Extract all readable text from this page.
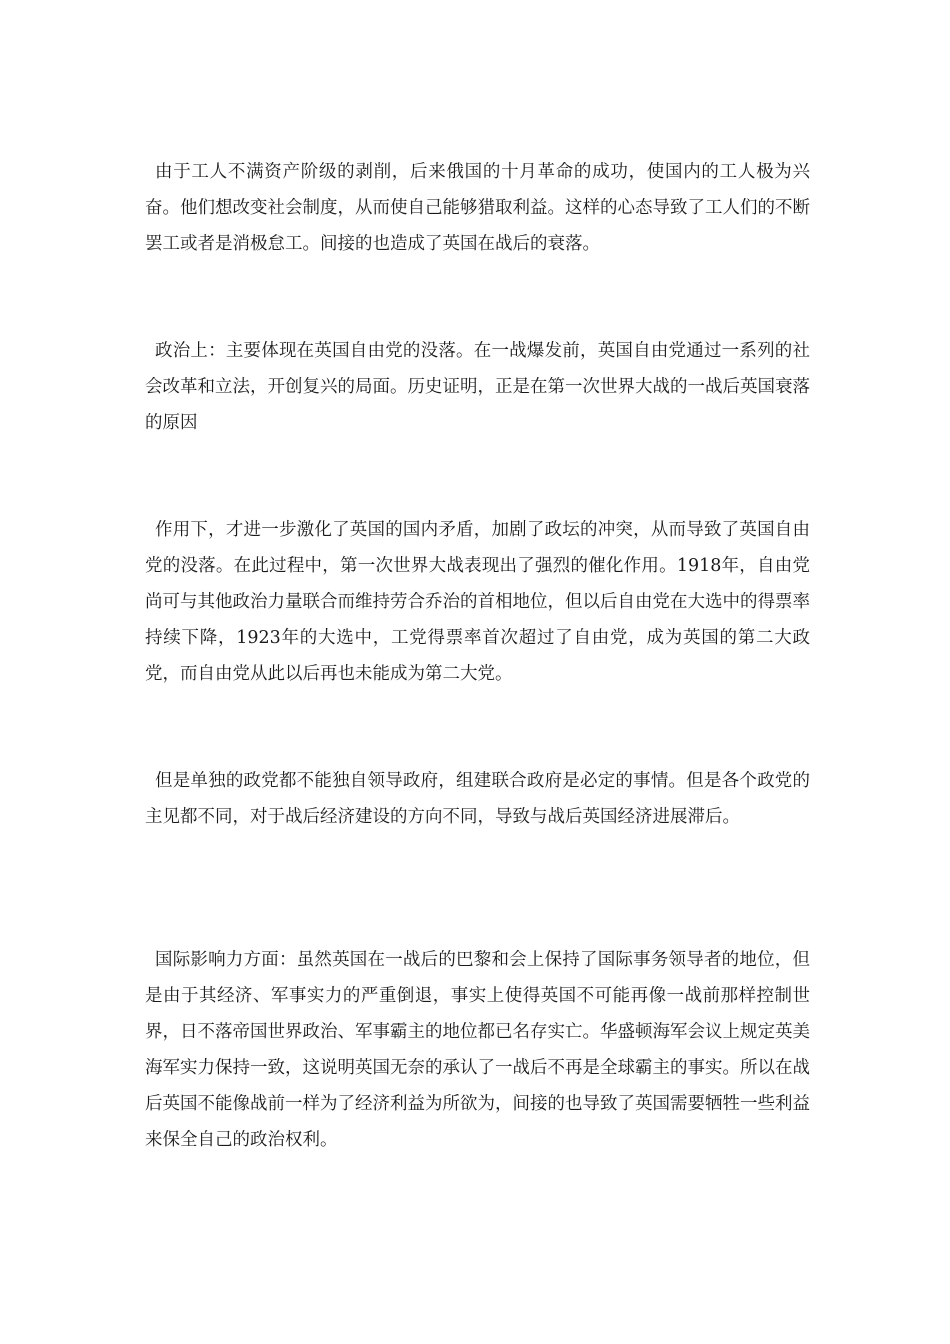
由于工人不满资产阶级的剥削，后来俄国的十月革命的成功，使国内的工人极为兴奋。他们想改变社会制度，从而使自己能够猎取利益。这样的心态导致了工人们的不断罢工或者是消极怠工。间接的也造成了英国在战后的衰落。

政治上：主要体现在英国自由党的没落。在一战爆发前，英国自由党通过一系列的社会改革和立法，开创复兴的局面。历史证明，正是在第一次世界大战的一战后英国衰落的原因

作用下，才进一步激化了英国的国内矛盾，加剧了政坛的冲突，从而导致了英国自由党的没落。在此过程中，第一次世界大战表现出了强烈的催化作用。1918年，自由党尚可与其他政治力量联合而维持劳合乔治的首相地位，但以后自由党在大选中的得票率持续下降，1923年的大选中，工党得票率首次超过了自由党，成为英国的第二大政党，而自由党从此以后再也未能成为第二大党。

但是单独的政党都不能独自领导政府，组建联合政府是必定的事情。但是各个政党的主见都不同，对于战后经济建设的方向不同，导致与战后英国经济进展滞后。

国际影响力方面：虽然英国在一战后的巴黎和会上保持了国际事务领导者的地位，但是由于其经济、军事实力的严重倒退，事实上使得英国不可能再像一战前那样控制世界，日不落帝国世界政治、军事霸主的地位都已名存实亡。华盛顿海军会议上规定英美海军实力保持一致，这说明英国无奈的承认了一战后不再是全球霸主的事实。所以在战后英国不能像战前一样为了经济利益为所欲为，间接的也导致了英国需要牺牲一些利益来保全自己的政治权利。
